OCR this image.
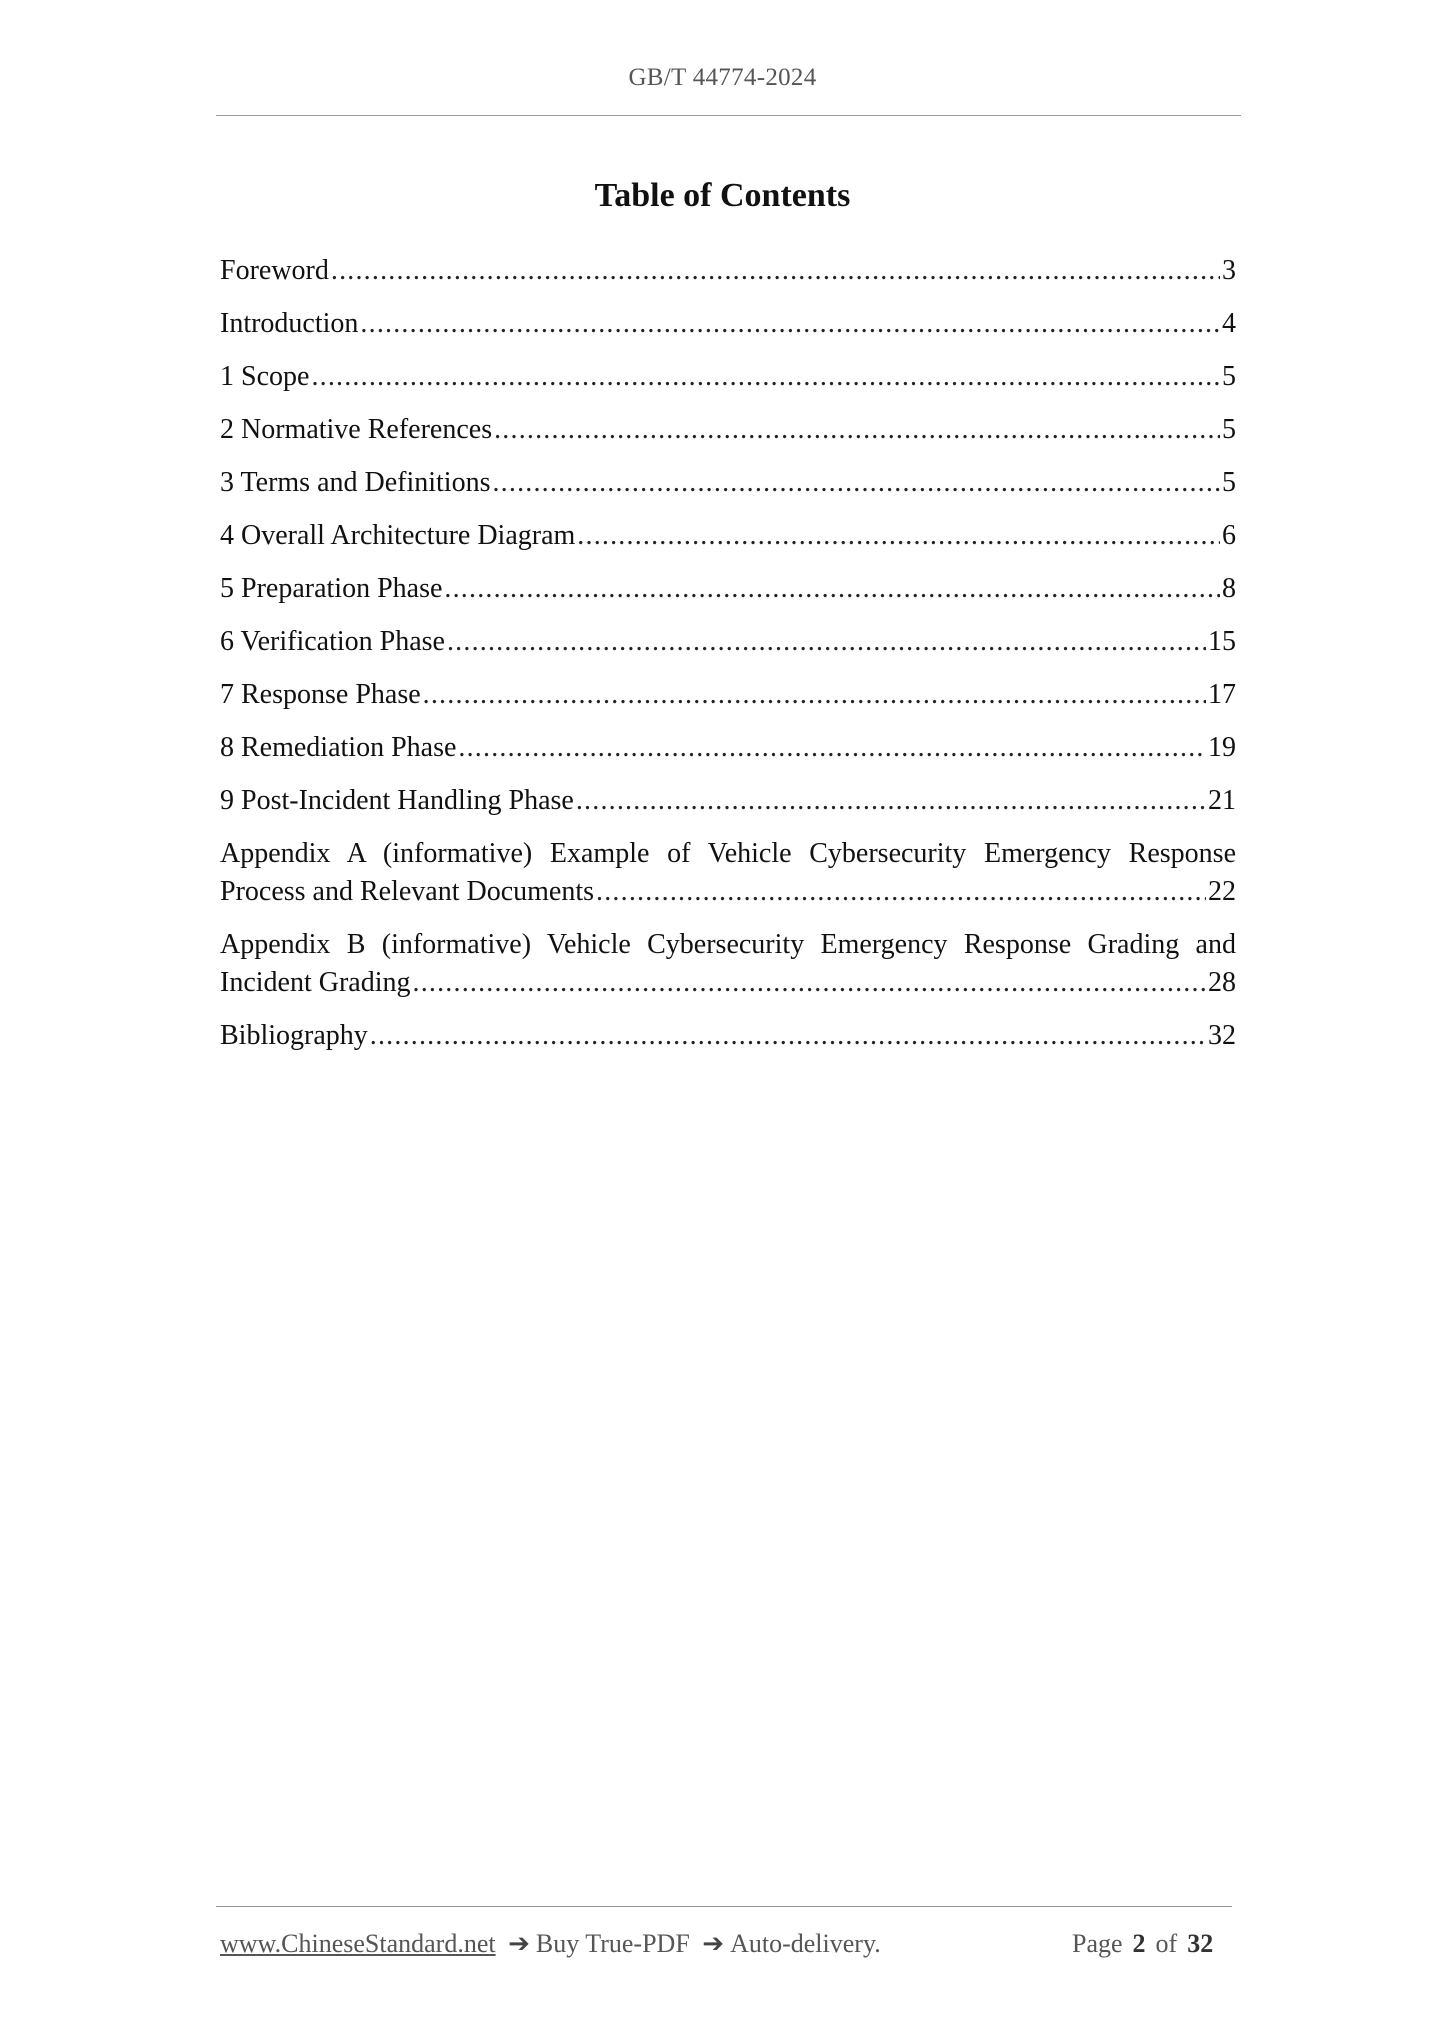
GB/T 44774-2024
Table of Contents
Foreword .....	3
Introduction .....	4
1 Scope .....	5
2 Normative References .....	5
3 Terms and Definitions .....	5
4 Overall Architecture Diagram .....	6
5 Preparation Phase .....	8
6 Verification Phase .....	15
7 Response Phase .....	17
8 Remediation Phase .....	19
9 Post-Incident Handling Phase .....	21
Appendix A (informative) Example of Vehicle Cybersecurity Emergency Response
Process and Relevant Documents .....	22
Appendix B (informative) Vehicle Cybersecurity Emergency Response Grading and
Incident Grading .....	28
Bibliography .....	32
www.ChineseStandard.net ➔ Buy True-PDF ➔ Auto-delivery.	Page 2 of 32
